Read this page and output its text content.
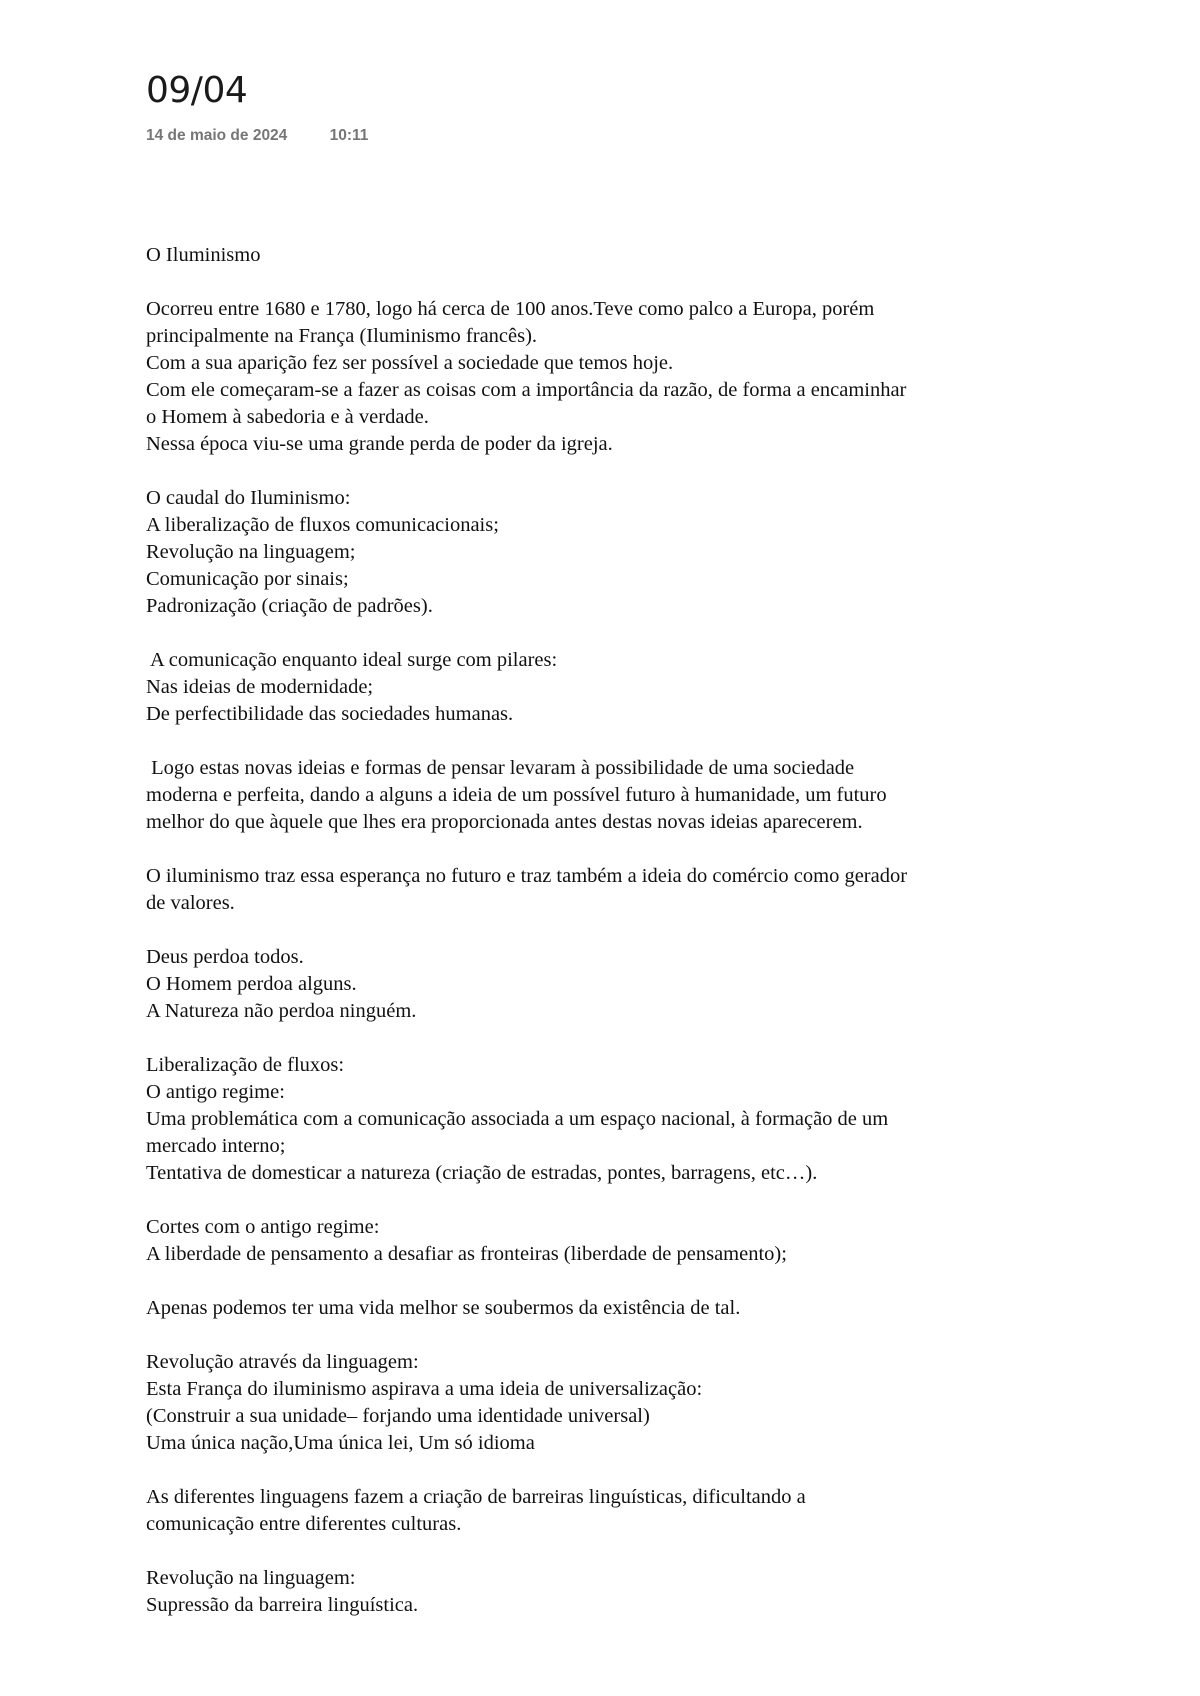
09/04
14 de maio de 2024	10:11

O Iluminismo

Ocorreu entre 1680 e 1780, logo há cerca de 100 anos.Teve como palco a Europa, porém
principalmente na França (Iluminismo francês).
Com a sua aparição fez ser possível a sociedade que temos hoje.
Com ele começaram-se a fazer as coisas com a importância da razão, de forma a encaminhar
o Homem à sabedoria e à verdade.
Nessa época viu-se uma grande perda de poder da igreja.

O caudal do Iluminismo:
A liberalização de fluxos comunicacionais;
Revolução na linguagem;
Comunicação por sinais;
Padronização (criação de padrões).

A comunicação enquanto ideal surge com pilares:
Nas ideias de modernidade;
De perfectibilidade das sociedades humanas.

Logo estas novas ideias e formas de pensar levaram à possibilidade de uma sociedade
moderna e perfeita, dando a alguns a ideia de um possível futuro à humanidade, um futuro
melhor do que àquele que lhes era proporcionada antes destas novas ideias aparecerem.

O iluminismo traz essa esperança no futuro e traz também a ideia do comércio como gerador
de valores.

Deus perdoa todos.
O Homem perdoa alguns.
A Natureza não perdoa ninguém.

Liberalização de fluxos:
O antigo regime:
Uma problemática com a comunicação associada a um espaço nacional, à formação de um
mercado interno;
Tentativa de domesticar a natureza (criação de estradas, pontes, barragens, etc…).

Cortes com o antigo regime:
A liberdade de pensamento a desafiar as fronteiras (liberdade de pensamento);

Apenas podemos ter uma vida melhor se soubermos da existência de tal.

Revolução através da linguagem:
Esta França do iluminismo aspirava a uma ideia de universalização:
(Construir a sua unidade– forjando uma identidade universal)
Uma única nação,Uma única lei, Um só idioma

As diferentes linguagens fazem a criação de barreiras linguísticas, dificultando a
comunicação entre diferentes culturas.

Revolução na linguagem:
Supressão da barreira linguística.
